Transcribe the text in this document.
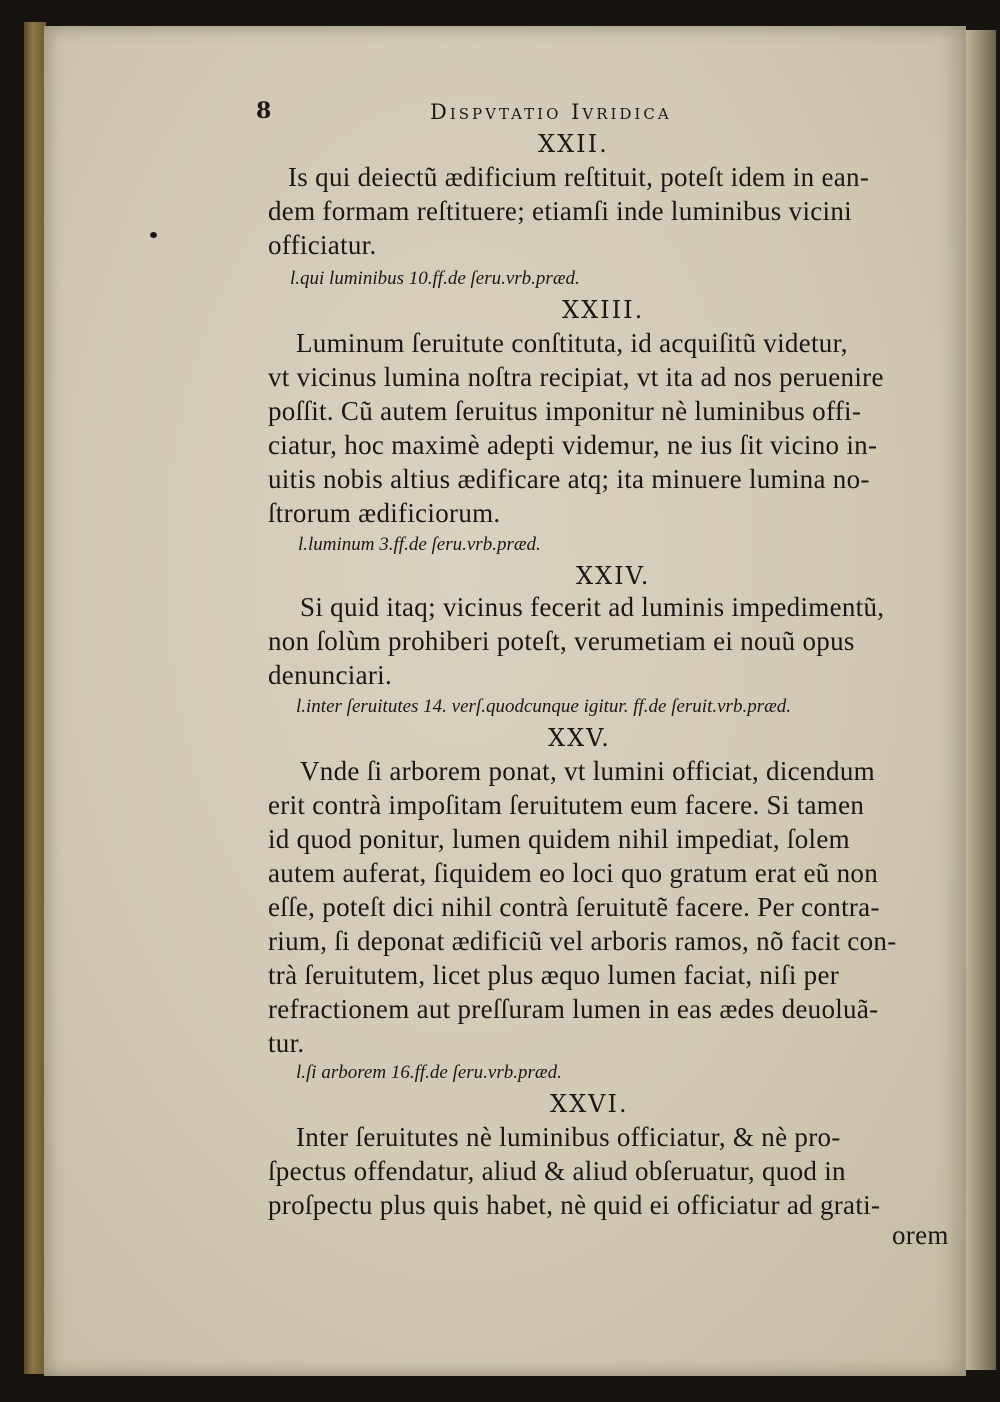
8	Dispvtatio Ivridica
XXII.
Is qui deiectũ ædificium reſtituit, poteſt idem in ean-
dem formam reſtituere; etiamſi inde luminibus vicini
officiatur.
l.qui luminibus 10.ff.de ſeru.vrb.præd.
XXIII.
Luminum ſeruitute conſtituta, id acquiſitũ videtur,
vt vicinus lumina noſtra recipiat, vt ita ad nos peruenire
poſſit. Cũ autem ſeruitus imponitur nè luminibus offi-
ciatur, hoc maximè adepti videmur, ne ius ſit vicino in-
uitis nobis altius ædificare atq; ita minuere lumina no-
ſtrorum ædificiorum.
l.luminum 3.ff.de ſeru.vrb.præd.
XXIV.
Si quid itaq; vicinus fecerit ad luminis impedimentũ,
non ſolùm prohiberi poteſt, verumetiam ei nouũ opus
denunciari.
l.inter ſeruitutes 14. verſ.quodcunque igitur. ff.de ſeruit.vrb.præd.
XXV.
Vnde ſi arborem ponat, vt lumini officiat, dicendum
erit contrà impoſitam ſeruitutem eum facere. Si tamen
id quod ponitur, lumen quidem nihil impediat, ſolem
autem auferat, ſiquidem eo loci quo gratum erat eũ non
eſſe, poteſt dici nihil contrà ſeruitutẽ facere. Per contra-
rium, ſi deponat ædificiũ vel arboris ramos, nõ facit con-
trà ſeruitutem, licet plus æquo lumen faciat, niſi per
refractionem aut preſſuram lumen in eas ædes deuoluã-
tur.
l.ſi arborem 16.ff.de ſeru.vrb.præd.
XXVI.
Inter ſeruitutes nè luminibus officiatur, & nè pro-
ſpectus offendatur, aliud & aliud obſeruatur, quod in
proſpectu plus quis habet, nè quid ei officiatur ad grati-
orem
